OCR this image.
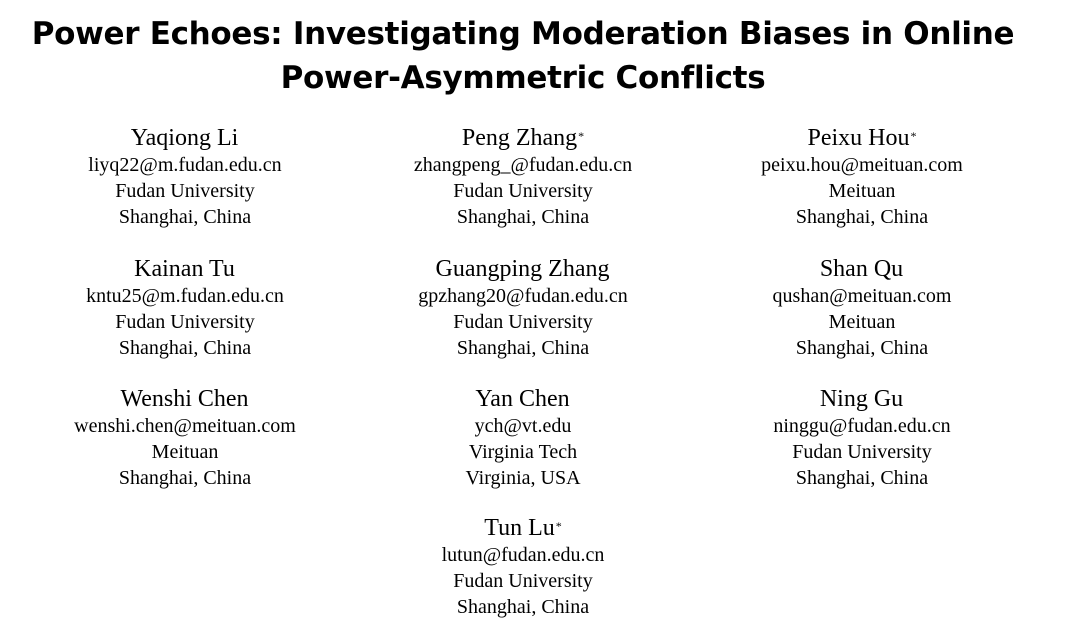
Power Echoes: Investigating Moderation Biases in Online
Power-Asymmetric Conflicts
Yaqiong Li
liyq22@m.fudan.edu.cn
Fudan University
Shanghai, China
Peng Zhang*
zhangpeng_@fudan.edu.cn
Fudan University
Shanghai, China
Peixu Hou*
peixu.hou@meituan.com
Meituan
Shanghai, China
Kainan Tu
kntu25@m.fudan.edu.cn
Fudan University
Shanghai, China
Guangping Zhang
gpzhang20@fudan.edu.cn
Fudan University
Shanghai, China
Shan Qu
qushan@meituan.com
Meituan
Shanghai, China
Wenshi Chen
wenshi.chen@meituan.com
Meituan
Shanghai, China
Yan Chen
ych@vt.edu
Virginia Tech
Virginia, USA
Ning Gu
ninggu@fudan.edu.cn
Fudan University
Shanghai, China
Tun Lu*
lutun@fudan.edu.cn
Fudan University
Shanghai, China
